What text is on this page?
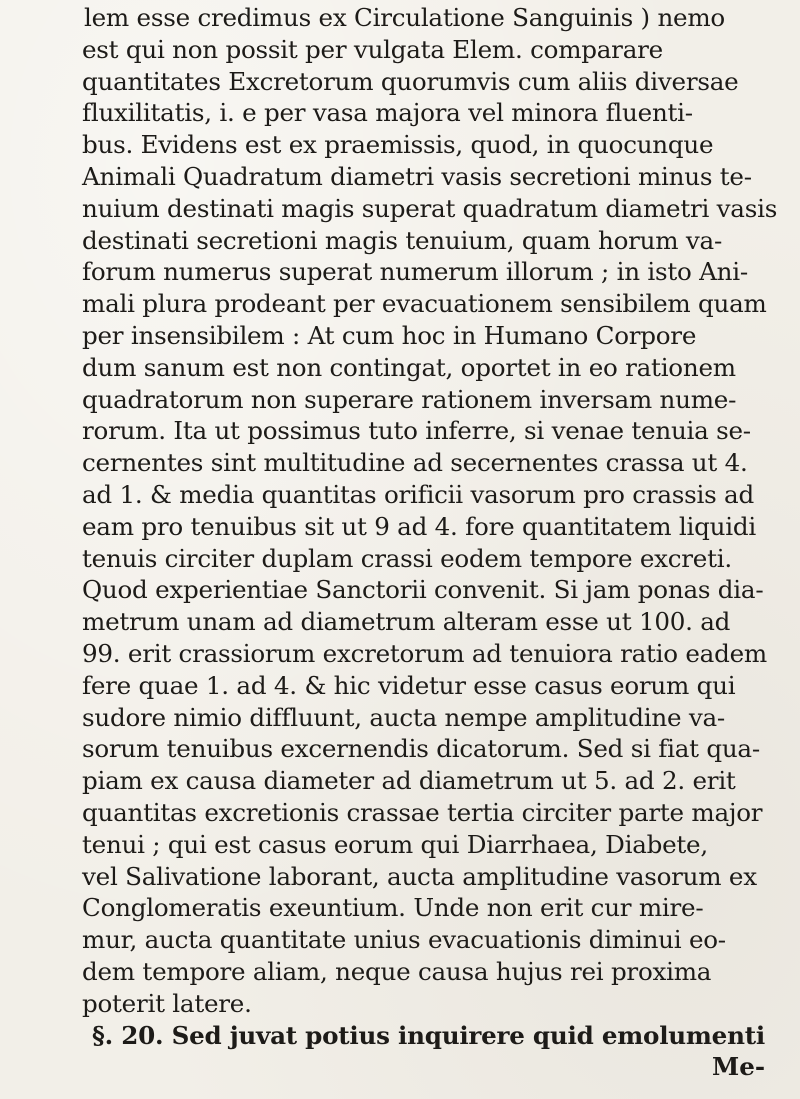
lem esse credimus ex Circulatione Sanguinis ) nemo
est qui non possit per vulgata Elem. comparare
quantitates Excretorum quorumvis cum aliis diversae
fluxilitatis, i. e per vasa majora vel minora fluenti-
bus. Evidens est ex praemissis, quod, in quocunque
Animali Quadratum diametri vasis secretioni minus te-
nuium destinati magis superat quadratum diametri vasis
destinati secretioni magis tenuium, quam horum va-
forum numerus superat numerum illorum ; in isto Ani-
mali plura prodeant per evacuationem sensibilem quam
per insensibilem : At cum hoc in Humano Corpore
dum sanum est non contingat, oportet in eo rationem
quadratorum non superare rationem inversam nume-
rorum. Ita ut possimus tuto inferre, si venae tenuia se-
cernentes sint multitudine ad secernentes crassa ut 4.
ad 1. & media quantitas orificii vasorum pro crassis ad
eam pro tenuibus sit ut 9 ad 4. fore quantitatem liquidi
tenuis circiter duplam crassi eodem tempore excreti.
Quod experientiae Sanctorii convenit. Si jam ponas dia-
metrum unam ad diametrum alteram esse ut 100. ad
99. erit crassiorum excretorum ad tenuiora ratio eadem
fere quae 1. ad 4. & hic videtur esse casus eorum qui
sudore nimio diffluunt, aucta nempe amplitudine va-
sorum tenuibus excernendis dicatorum. Sed si fiat qua-
piam ex causa diameter ad diametrum ut 5. ad 2. erit
quantitas excretionis crassae tertia circiter parte major
tenui ; qui est casus eorum qui Diarrhaea, Diabete,
vel Salivatione laborant, aucta amplitudine vasorum ex
Conglomeratis exeuntium. Unde non erit cur mire-
mur, aucta quantitate unius evacuationis diminui eo-
dem tempore aliam, neque causa hujus rei proxima
poterit latere.
§. 20. Sed juvat potius inquirere quid emolumenti
Me-
